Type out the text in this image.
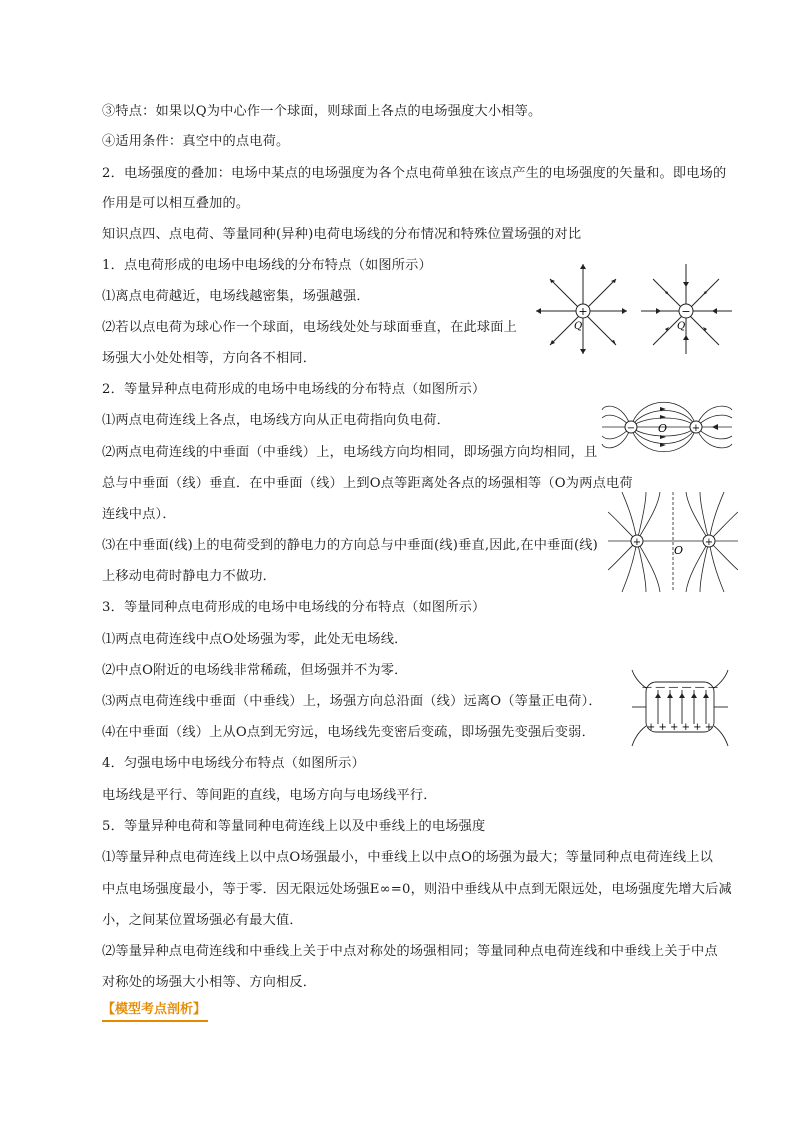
③特点：如果以Q为中心作一个球面，则球面上各点的电场强度大小相等。
④适用条件：真空中的点电荷。
2．电场强度的叠加：电场中某点的电场强度为各个点电荷单独在该点产生的电场强度的矢量和。即电场的
作用是可以相互叠加的。
知识点四、点电荷、等量同种(异种)电荷电场线的分布情况和特殊位置场强的对比
1．点电荷形成的电场中电场线的分布特点（如图所示）
⑴离点电荷越近，电场线越密集，场强越强．
⑵若以点电荷为球心作一个球面，电场线处处与球面垂直，在此球面上
场强大小处处相等，方向各不相同．
2．等量异种点电荷形成的电场中电场线的分布特点（如图所示）
⑴两点电荷连线上各点，电场线方向从正电荷指向负电荷．
⑵两点电荷连线的中垂面（中垂线）上，电场线方向均相同，即场强方向均相同，且
总与中垂面（线）垂直．在中垂面（线）上到O点等距离处各点的场强相等（O为两点电荷
连线中点）．
⑶在中垂面(线)上的电荷受到的静电力的方向总与中垂面(线)垂直,因此,在中垂面(线)
上移动电荷时静电力不做功．
3．等量同种点电荷形成的电场中电场线的分布特点（如图所示）
⑴两点电荷连线中点O处场强为零，此处无电场线．
⑵中点O附近的电场线非常稀疏，但场强并不为零．
⑶两点电荷连线中垂面（中垂线）上，场强方向总沿面（线）远离O（等量正电荷）．
⑷在中垂面（线）上从O点到无穷远，电场线先变密后变疏，即场强先变强后变弱．
4．匀强电场中电场线分布特点（如图所示）
电场线是平行、等间距的直线，电场方向与电场线平行．
5．等量异种电荷和等量同种电荷连线上以及中垂线上的电场强度
⑴等量异种点电荷连线上以中点O场强最小，中垂线上以中点O的场强为最大；等量同种点电荷连线上以
中点电场强度最小，等于零．因无限远处场强E∞=0，则沿中垂线从中点到无限远处，电场强度先增大后减
小，之间某位置场强必有最大值．
⑵等量异种点电荷连线和中垂线上关于中点对称处的场强相同；等量同种点电荷连线和中垂线上关于中点
对称处的场强大小相等、方向相反．
【模型考点剖析】
+	−
Q	Q
−	+
O
+	+
O
— — — — — —
+ + + + + +
